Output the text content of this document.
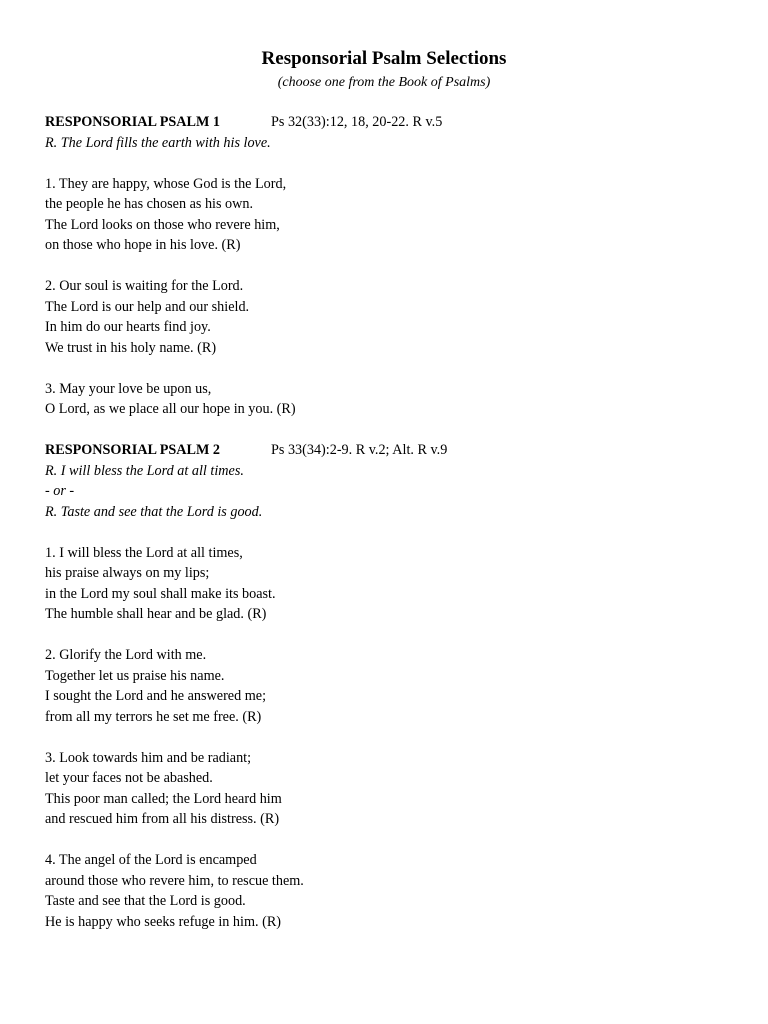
Responsorial Psalm Selections
(choose one from the Book of Psalms)
RESPONSORIAL PSALM 1	Ps 32(33):12, 18, 20-22. R v.5
R. The Lord fills the earth with his love.
1. They are happy, whose God is the Lord,
the people he has chosen as his own.
The Lord looks on those who revere him,
on those who hope in his love. (R)
2. Our soul is waiting for the Lord.
The Lord is our help and our shield.
In him do our hearts find joy.
We trust in his holy name. (R)
3. May your love be upon us,
O Lord, as we place all our hope in you. (R)
RESPONSORIAL PSALM 2	Ps 33(34):2-9. R v.2; Alt. R v.9
R. I will bless the Lord at all times.
- or -
R. Taste and see that the Lord is good.
1. I will bless the Lord at all times,
his praise always on my lips;
in the Lord my soul shall make its boast.
The humble shall hear and be glad. (R)
2. Glorify the Lord with me.
Together let us praise his name.
I sought the Lord and he answered me;
from all my terrors he set me free. (R)
3. Look towards him and be radiant;
let your faces not be abashed.
This poor man called; the Lord heard him
and rescued him from all his distress. (R)
4. The angel of the Lord is encamped
around those who revere him, to rescue them.
Taste and see that the Lord is good.
He is happy who seeks refuge in him. (R)
